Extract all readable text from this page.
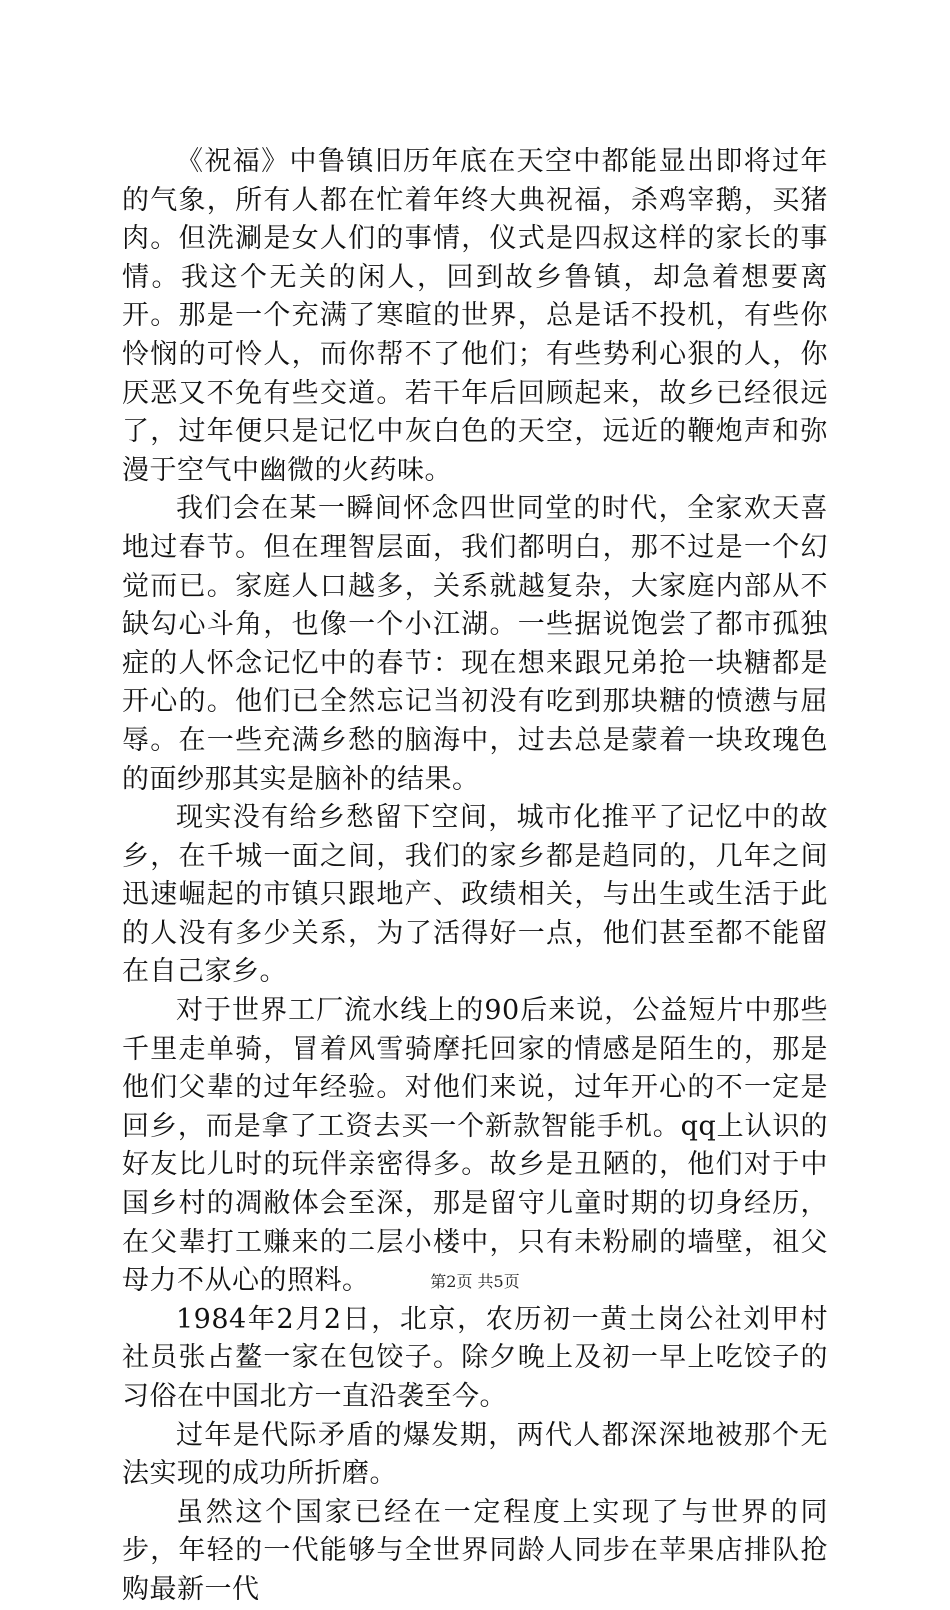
《祝福》中鲁镇旧历年底在天空中都能显出即将过年的气象，所有人都在忙着年终大典祝福，杀鸡宰鹅，买猪肉。但洗涮是女人们的事情，仪式是四叔这样的家长的事情。我这个无关的闲人，回到故乡鲁镇，却急着想要离开。那是一个充满了寒暄的世界，总是话不投机，有些你怜悯的可怜人，而你帮不了他们；有些势利心狠的人，你厌恶又不免有些交道。若干年后回顾起来，故乡已经很远了，过年便只是记忆中灰白色的天空，远近的鞭炮声和弥漫于空气中幽微的火药味。

我们会在某一瞬间怀念四世同堂的时代，全家欢天喜地过春节。但在理智层面，我们都明白，那不过是一个幻觉而已。家庭人口越多，关系就越复杂，大家庭内部从不缺勾心斗角，也像一个小江湖。一些据说饱尝了都市孤独症的人怀念记忆中的春节：现在想来跟兄弟抢一块糖都是开心的。他们已全然忘记当初没有吃到那块糖的愤懑与屈辱。在一些充满乡愁的脑海中，过去总是蒙着一块玫瑰色的面纱那其实是脑补的结果。

现实没有给乡愁留下空间，城市化推平了记忆中的故乡，在千城一面之间，我们的家乡都是趋同的，几年之间迅速崛起的市镇只跟地产、政绩相关，与出生或生活于此的人没有多少关系，为了活得好一点，他们甚至都不能留在自己家乡。

对于世界工厂流水线上的90后来说，公益短片中那些千里走单骑，冒着风雪骑摩托回家的情感是陌生的，那是他们父辈的过年经验。对他们来说，过年开心的不一定是回乡，而是拿了工资去买一个新款智能手机。qq上认识的好友比儿时的玩伴亲密得多。故乡是丑陋的，他们对于中国乡村的凋敝体会至深，那是留守儿童时期的切身经历，在父辈打工赚来的二层小楼中，只有未粉刷的墙壁，祖父母力不从心的照料。

1984年2月2日，北京，农历初一黄土岗公社刘甲村社员张占鳌一家在包饺子。除夕晚上及初一早上吃饺子的习俗在中国北方一直沿袭至今。

过年是代际矛盾的爆发期，两代人都深深地被那个无法实现的成功所折磨。

虽然这个国家已经在一定程度上实现了与世界的同步，年轻的一代能够与全世界同龄人同步在苹果店排队抢购最新一代

第2页 共5页
